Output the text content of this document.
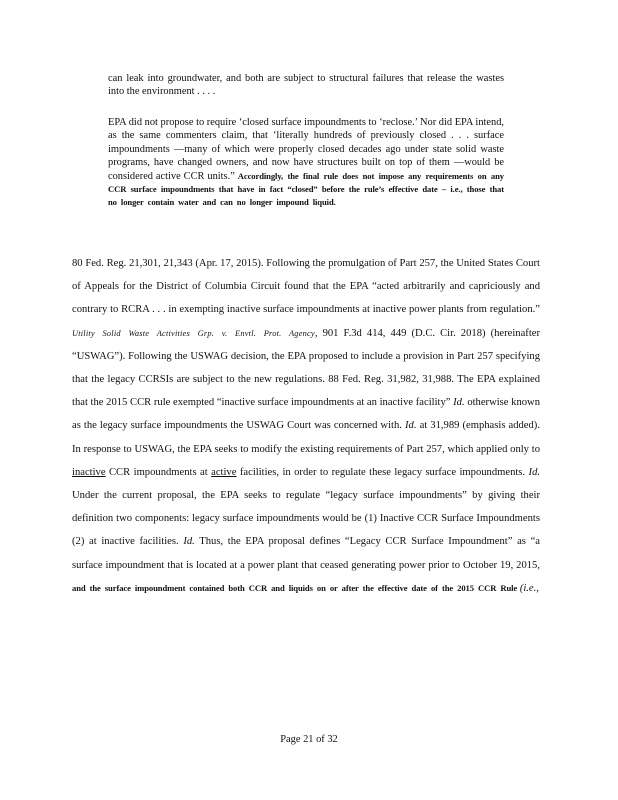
can leak into groundwater, and both are subject to structural failures that release the wastes into the environment . . . .
EPA did not propose to require ‘closed surface impoundments to ‘reclose.’ Nor did EPA intend, as the same commenters claim, that ‘literally hundreds of previously closed . . . surface impoundments —many of which were properly closed decades ago under state solid waste programs, have changed owners, and now have structures built on top of them —would be considered active CCR units.” Accordingly, the final rule does not impose any requirements on any CCR surface impoundments that have in fact “closed” before the rule’s effective date – i.e., those that no longer contain water and can no longer impound liquid.

80 Fed. Reg. 21,301, 21,343 (Apr. 17, 2015). Following the promulgation of Part 257, the United States Court of Appeals for the District of Columbia Circuit found that the EPA “acted arbitrarily and capriciously and contrary to RCRA . . . in exempting inactive surface impoundments at inactive power plants from regulation.” Utility Solid Waste Activities Grp. v. Envtl. Prot. Agency, 901 F.3d 414, 449 (D.C. Cir. 2018) (hereinafter “USWAG”). Following the USWAG decision, the EPA proposed to include a provision in Part 257 specifying that the legacy CCRSIs are subject to the new regulations. 88 Fed. Reg. 31,982, 31,988. The EPA explained that the 2015 CCR rule exempted “inactive surface impoundments at an inactive facility” Id. otherwise known as the legacy surface impoundments the USWAG Court was concerned with. Id. at 31,989 (emphasis added). In response to USWAG, the EPA seeks to modify the existing requirements of Part 257, which applied only to inactive CCR impoundments at active facilities, in order to regulate these legacy surface impoundments. Id. Under the current proposal, the EPA seeks to regulate “legacy surface impoundments” by giving their definition two components: legacy surface impoundments would be (1) Inactive CCR Surface Impoundments (2) at inactive facilities. Id. Thus, the EPA proposal defines “Legacy CCR Surface Impoundment” as “a surface impoundment that is located at a power plant that ceased generating power prior to October 19, 2015, and the surface impoundment contained both CCR and liquids on or after the effective date of the 2015 CCR Rule (i.e.,

Page 21 of 32
